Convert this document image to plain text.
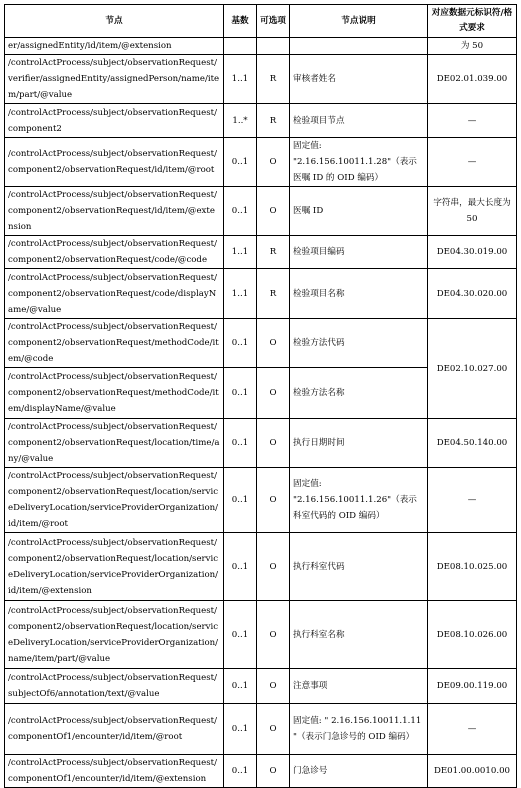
节点	基数	可选项	节点说明	对应数据元标识符/格式要求
er/assignedEntity/id/item/@extension				为 50
/controlActProcess/subject/observationRequest/verifier/assignedEntity/assignedPerson/name/item/part/@value	1..1	R	审核者姓名	DE02.01.039.00
/controlActProcess/subject/observationRequest/component2	1..*	R	检验项目节点	—
/controlActProcess/subject/observationRequest/component2/observationRequest/id/item/@root	0..1	O	固定值: "2.16.156.10011.1.28"（表示医嘱 ID 的 OID 编码）	—
/controlActProcess/subject/observationRequest/component2/observationRequest/id/item/@extension	0..1	O	医嘱 ID	字符串，最大长度为 50
/controlActProcess/subject/observationRequest/component2/observationRequest/code/@code	1..1	R	检验项目编码	DE04.30.019.00
/controlActProcess/subject/observationRequest/component2/observationRequest/code/displayName/@value	1..1	R	检验项目名称	DE04.30.020.00
/controlActProcess/subject/observationRequest/component2/observationRequest/methodCode/item/@code	0..1	O	检验方法代码	DE02.10.027.00
/controlActProcess/subject/observationRequest/component2/observationRequest/methodCode/item/displayName/@value	0..1	O	检验方法名称	
/controlActProcess/subject/observationRequest/component2/observationRequest/location/time/any/@value	0..1	O	执行日期时间	DE04.50.140.00
/controlActProcess/subject/observationRequest/component2/observationRequest/location/serviceDeliveryLocation/serviceProviderOrganization/id/item/@root	0..1	O	固定值: "2.16.156.10011.1.26"（表示科室代码的 OID 编码）	—
/controlActProcess/subject/observationRequest/component2/observationRequest/location/serviceDeliveryLocation/serviceProviderOrganization/id/item/@extension	0..1	O	执行科室代码	DE08.10.025.00
/controlActProcess/subject/observationRequest/component2/observationRequest/location/serviceDeliveryLocation/serviceProviderOrganization/name/item/part/@value	0..1	O	执行科室名称	DE08.10.026.00
/controlActProcess/subject/observationRequest/subjectOf6/annotation/text/@value	0..1	O	注意事项	DE09.00.119.00
/controlActProcess/subject/observationRequest/componentOf1/encounter/id/item/@root	0..1	O	固定值: " 2.16.156.10011.1.11 "（表示门急诊号的 OID 编码）	—
/controlActProcess/subject/observationRequest/componentOf1/encounter/id/item/@extension	0..1	O	门急诊号	DE01.00.0010.00
